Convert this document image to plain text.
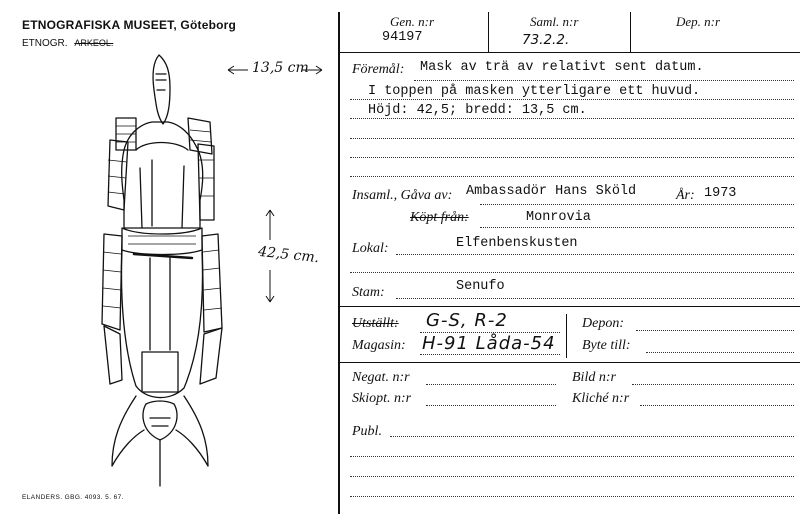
ETNOGRAFISKA MUSEET, Göteborg
ETNOGR. ARKEOL.
13,5 cm
42,5 cm.
ELANDERS. GBG. 4093. 5. 67.
Gen. n:r
94197
Saml. n:r
73.2.2.
Dep. n:r
Föremål: Mask av trä av relativt sent datum.
I toppen på masken ytterligare ett huvud.
Höjd: 42,5; bredd: 13,5 cm.
Insaml., Gåva av: Ambassadör Hans Sköld	År: 1973
Köpt från:	Monrovia
Lokal:	Elfenbenskusten
Stam:	Senufo
Utställt: G-S, R-2
Magasin: H-91 Låda-54
Depon:
Byte till:
Negat. n:r	Bild n:r
Skiopt. n:r	Kliché n:r
Publ.
